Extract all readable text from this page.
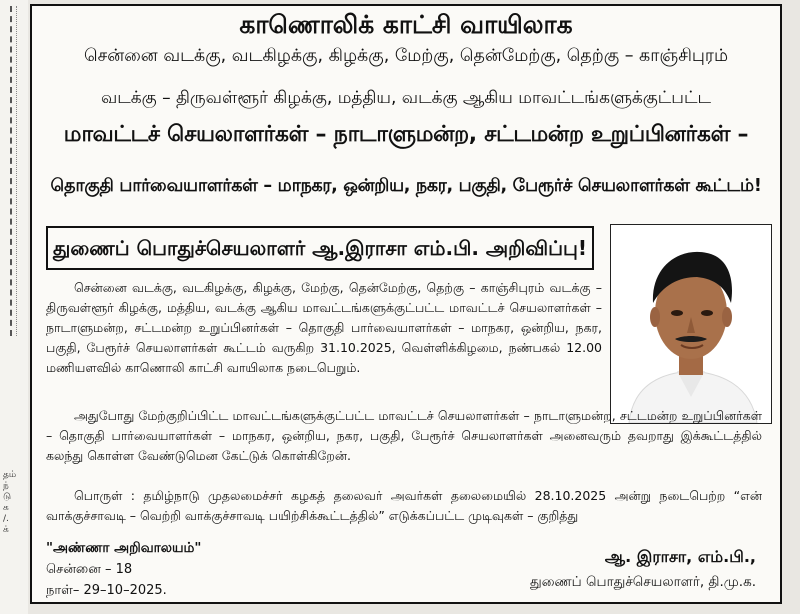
தம்
ந்
டு
க
/.
க்
காணொலிக் காட்சி வாயிலாக
சென்னை வடக்கு, வடகிழக்கு, கிழக்கு, மேற்கு, தென்மேற்கு, தெற்கு – காஞ்சிபுரம்
வடக்கு – திருவள்ளூர் கிழக்கு, மத்திய, வடக்கு ஆகிய மாவட்டங்களுக்குட்பட்ட
மாவட்டச் செயலாளர்கள் – நாடாளுமன்ற, சட்டமன்ற உறுப்பினர்கள் –
தொகுதி பார்வையாளர்கள் – மாநகர, ஒன்றிய, நகர, பகுதி, பேரூர்ச் செயலாளர்கள் கூட்டம்!
துணைப் பொதுச்செயலாளர் ஆ.இராசா எம்.பி. அறிவிப்பு!
சென்னை வடக்கு, வடகிழக்கு, கிழக்கு, மேற்கு, தென்மேற்கு, தெற்கு – காஞ்சிபுரம் வடக்கு – திருவள்ளூர் கிழக்கு, மத்திய, வடக்கு ஆகிய மாவட்டங்களுக்குட்பட்ட மாவட்டச் செயலாளர்கள் – நாடாளுமன்ற, சட்டமன்ற உறுப்பினர்கள் – தொகுதி பார்வையாளர்கள் – மாநகர, ஒன்றிய, நகர, பகுதி, பேரூர்ச் செயலாளர்கள் கூட்டம் வருகிற 31.10.2025, வெள்ளிக்கிழமை, நண்பகல் 12.00 மணியளவில் காணொலி காட்சி வாயிலாக நடைபெறும்.
அதுபோது மேற்குறிப்பிட்ட மாவட்டங்களுக்குட்பட்ட மாவட்டச் செயலாளர்கள் – நாடாளுமன்ற, சட்டமன்ற உறுப்பினர்கள் – தொகுதி பார்வையாளர்கள் – மாநகர, ஒன்றிய, நகர, பகுதி, பேரூர்ச் செயலாளர்கள் அனைவரும் தவறாது இக்கூட்டத்தில் கலந்து கொள்ள வேண்டுமென கேட்டுக் கொள்கிறேன்.
பொருள் : தமிழ்நாடு முதலமைச்சர் கழகத் தலைவர் அவர்கள் தலைமையில் 28.10.2025 அன்று நடைபெற்ற “என் வாக்குச்சாவடி – வெற்றி வாக்குச்சாவடி பயிற்சிக்கூட்டத்தில்” எடுக்கப்பட்ட முடிவுகள் – குறித்து
"அண்ணா அறிவாலயம்"
சென்னை – 18
நாள்– 29–10–2025.
ஆ. இராசா, எம்.பி.,
துணைப் பொதுச்செயலாளர், தி.மு.க.
